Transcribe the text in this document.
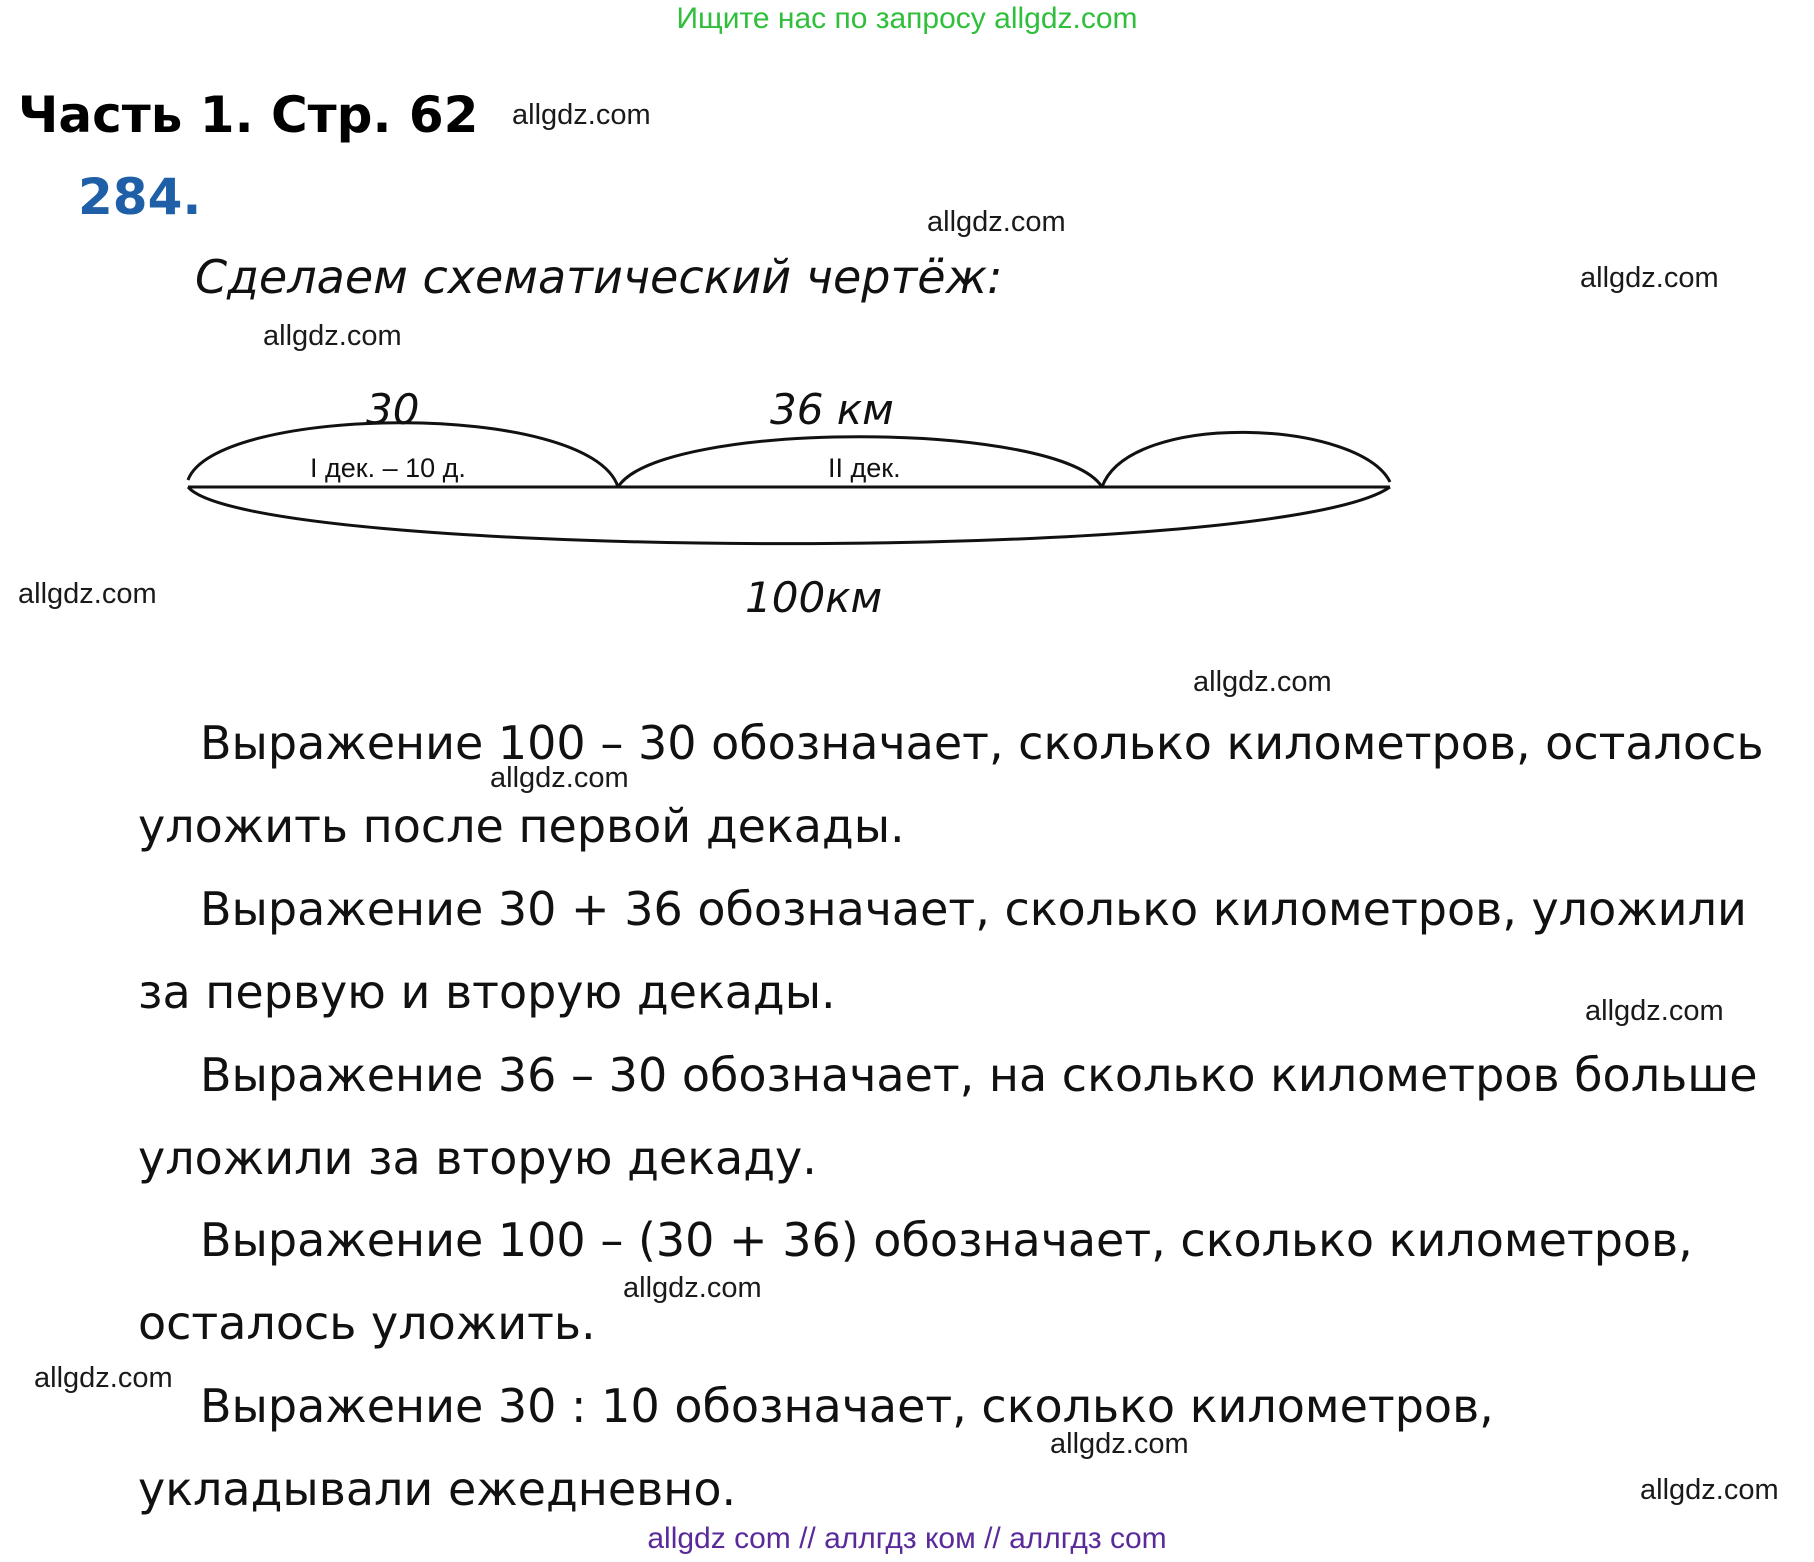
Ищите нас по запросу allgdz.com
Часть 1. Стр. 62
284.
Сделаем схематический чертёж:
30	36 км
I дек. – 10 д.	II дек.
100км
Выражение 100 – 30 обозначает, сколько километров, осталось
уложить после первой декады.
Выражение 30 + 36 обозначает, сколько километров, уложили
за первую и вторую декады.
Выражение 36 – 30 обозначает, на сколько километров больше
уложили за вторую декаду.
Выражение 100 – (30 + 36) обозначает, сколько километров,
осталось уложить.
Выражение 30 : 10 обозначает, сколько километров,
укладывали ежедневно.
allgdz.com
allgdz.com
allgdz.com
allgdz.com
allgdz.com
allgdz.com
allgdz.com
allgdz.com
allgdz.com
allgdz.com
allgdz.com
allgdz.com
allgdz com // аллгдз ком // аллгдз com
